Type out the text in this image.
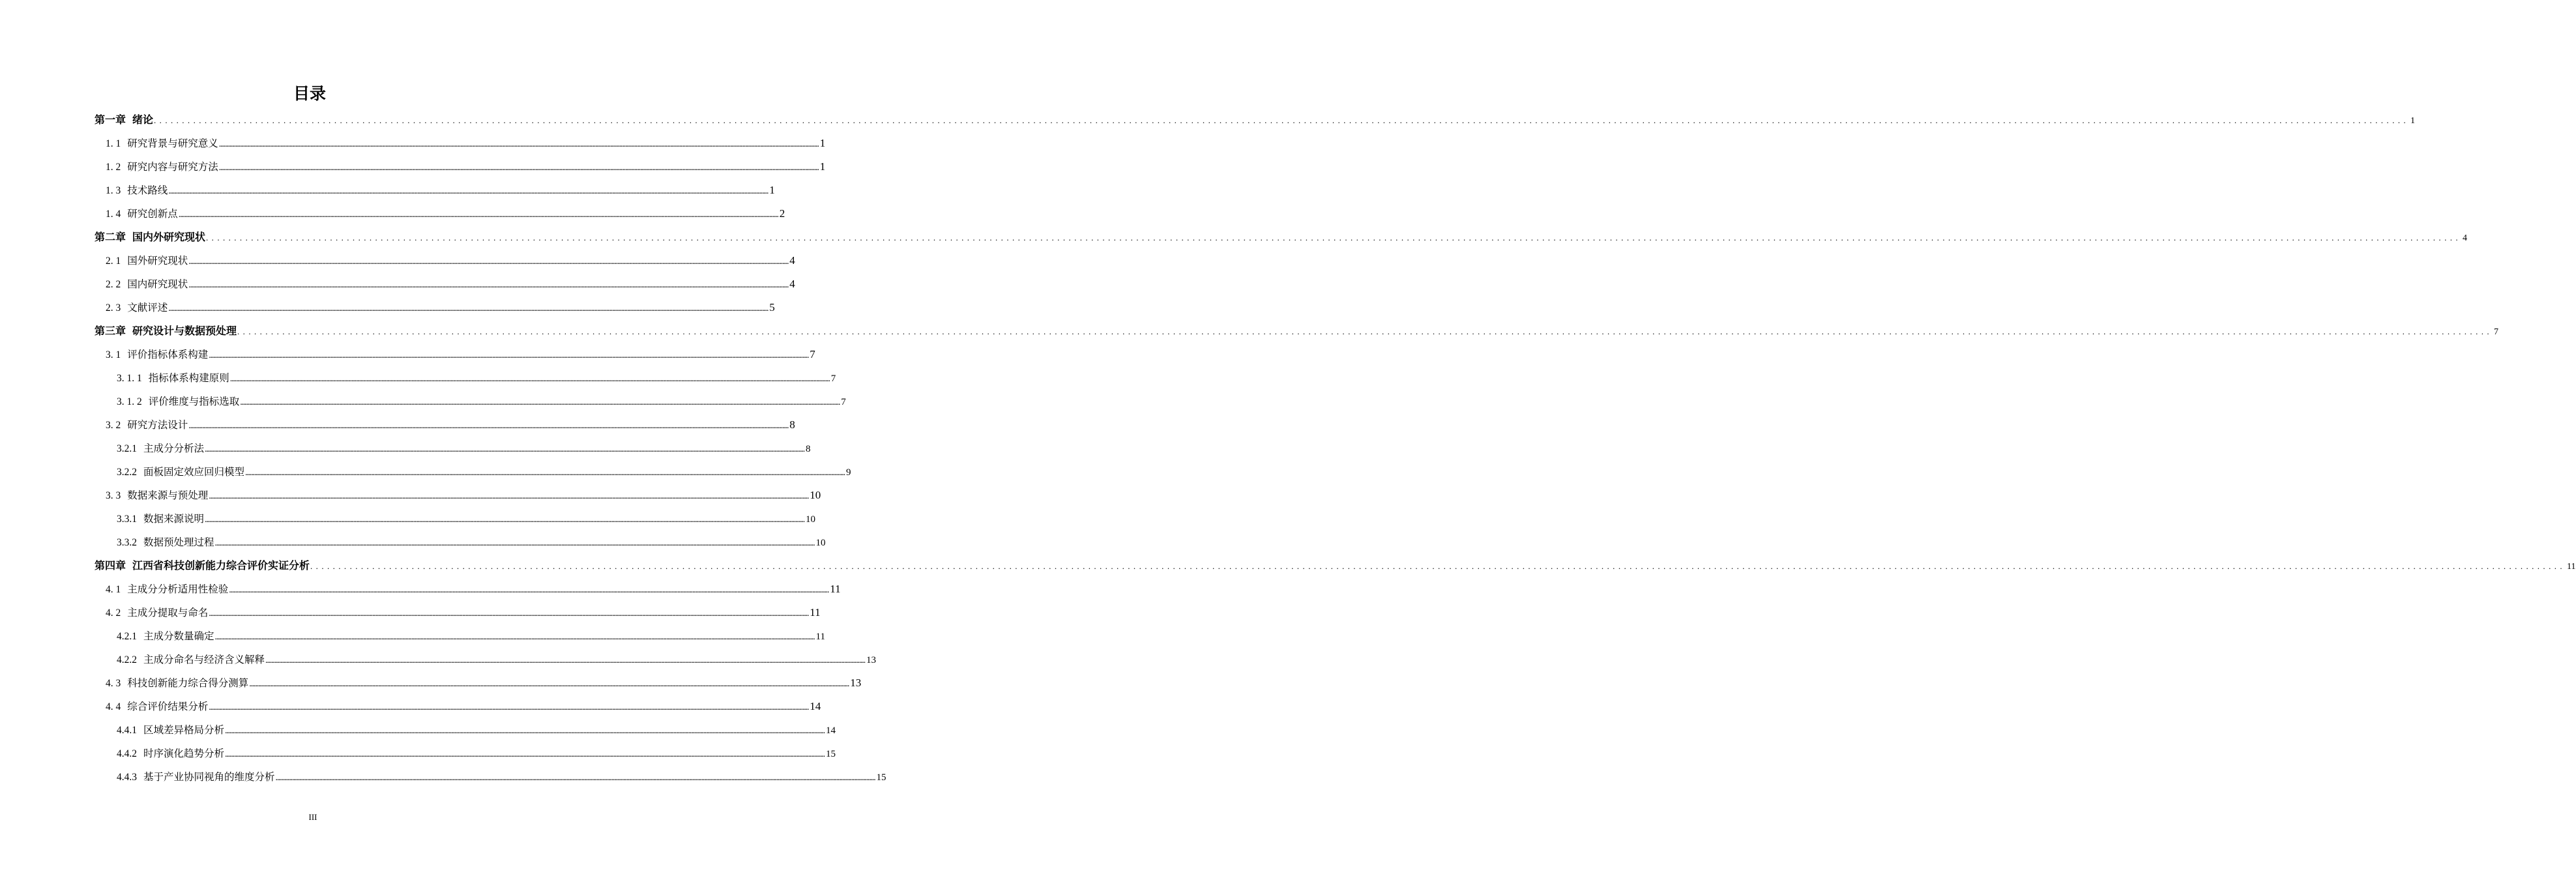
目录
第一章 绪论 ................................................................................................................................................................................................................................................................................................................................................................................................................ 1
1. 1 研究背景与研究意义 ................................................................................................................................................................................................................................................................................................................................................................................................................ 1
1. 2 研究内容与研究方法 ................................................................................................................................................................................................................................................................................................................................................................................................................ 1
1. 3 技术路线 ................................................................................................................................................................................................................................................................................................................................................................................................................ 1
1. 4 研究创新点 ................................................................................................................................................................................................................................................................................................................................................................................................................ 2
第二章 国内外研究现状 ................................................................................................................................................................................................................................................................................................................................................................................................................ 4
2. 1 国外研究现状 ................................................................................................................................................................................................................................................................................................................................................................................................................ 4
2. 2 国内研究现状 ................................................................................................................................................................................................................................................................................................................................................................................................................ 4
2. 3 文献评述 ................................................................................................................................................................................................................................................................................................................................................................................................................ 5
第三章 研究设计与数据预处理 ................................................................................................................................................................................................................................................................................................................................................................................................................ 7
3. 1 评价指标体系构建 ................................................................................................................................................................................................................................................................................................................................................................................................................ 7
3. 1. 1 指标体系构建原则 ................................................................................................................................................................................................................................................................................................................................................................................................................ 7
3. 1. 2 评价维度与指标选取 ................................................................................................................................................................................................................................................................................................................................................................................................................ 7
3. 2 研究方法设计 ................................................................................................................................................................................................................................................................................................................................................................................................................ 8
3.2.1 主成分分析法 ................................................................................................................................................................................................................................................................................................................................................................................................................ 8
3.2.2 面板固定效应回归模型 ................................................................................................................................................................................................................................................................................................................................................................................................................ 9
3. 3 数据来源与预处理 ................................................................................................................................................................................................................................................................................................................................................................................................................ 10
3.3.1 数据来源说明 ................................................................................................................................................................................................................................................................................................................................................................................................................ 10
3.3.2 数据预处理过程 ................................................................................................................................................................................................................................................................................................................................................................................................................ 10
第四章 江西省科技创新能力综合评价实证分析 ................................................................................................................................................................................................................................................................................................................................................................................................................ 11
4. 1 主成分分析适用性检验 ................................................................................................................................................................................................................................................................................................................................................................................................................ 11
4. 2 主成分提取与命名 ................................................................................................................................................................................................................................................................................................................................................................................................................ 11
4.2.1 主成分数量确定 ................................................................................................................................................................................................................................................................................................................................................................................................................ 11
4.2.2 主成分命名与经济含义解释 ................................................................................................................................................................................................................................................................................................................................................................................................................ 13
4. 3 科技创新能力综合得分测算 ................................................................................................................................................................................................................................................................................................................................................................................................................ 13
4. 4 综合评价结果分析 ................................................................................................................................................................................................................................................................................................................................................................................................................ 14
4.4.1 区域差异格局分析 ................................................................................................................................................................................................................................................................................................................................................................................................................ 14
4.4.2 时序演化趋势分析 ................................................................................................................................................................................................................................................................................................................................................................................................................ 15
4.4.3 基于产业协同视角的维度分析 ................................................................................................................................................................................................................................................................................................................................................................................................................ 15
III
